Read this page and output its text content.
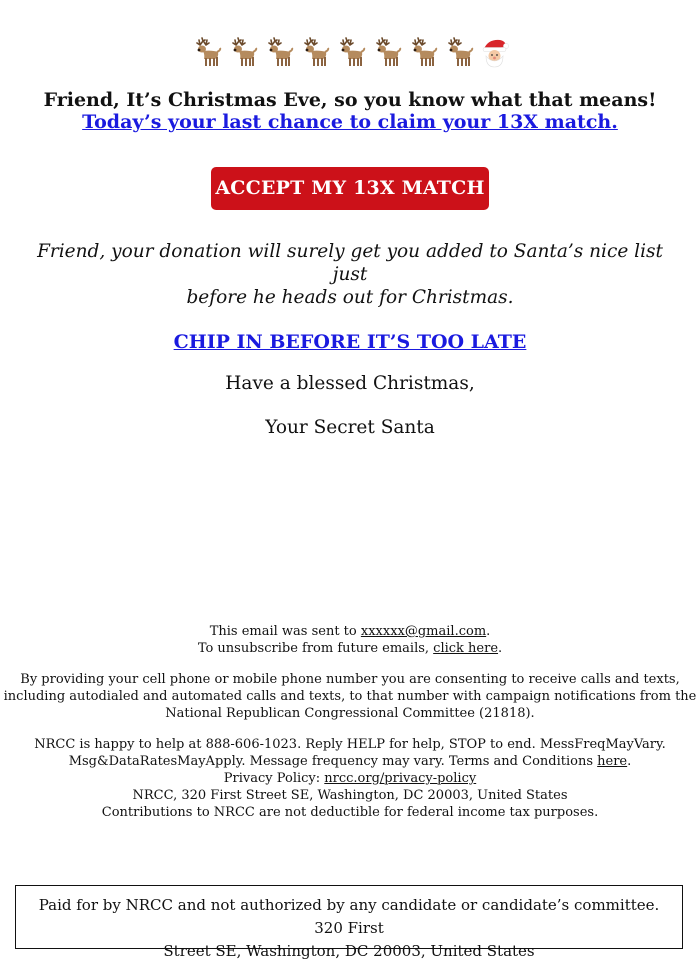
Friend, It’s Christmas Eve, so you know what that means!
Today’s your last chance to claim your 13X match.
ACCEPT MY 13X MATCH
Friend, your donation will surely get you added to Santa’s nice list just
before he heads out for Christmas.
CHIP IN BEFORE IT’S TOO LATE
Have a blessed Christmas,
Your Secret Santa

This email was sent to xxxxxx@gmail.com.

To unsubscribe from future emails, click here.

By providing your cell phone or mobile phone number you are consenting to receive calls and texts,

including autodialed and automated calls and texts, to that number with campaign notifications from the

National Republican Congressional Committee (21818).

NRCC is happy to help at 888-606-1023. Reply HELP for help, STOP to end. MessFreqMayVary.

Msg&DataRatesMayApply. Message frequency may vary. Terms and Conditions here.

Privacy Policy: nrcc.org/privacy-policy

NRCC, 320 First Street SE, Washington, DC 20003, United States

Contributions to NRCC are not deductible for federal income tax purposes.

Paid for by NRCC and not authorized by any candidate or candidate’s committee. 320 First
Street SE, Washington, DC 20003, United States
